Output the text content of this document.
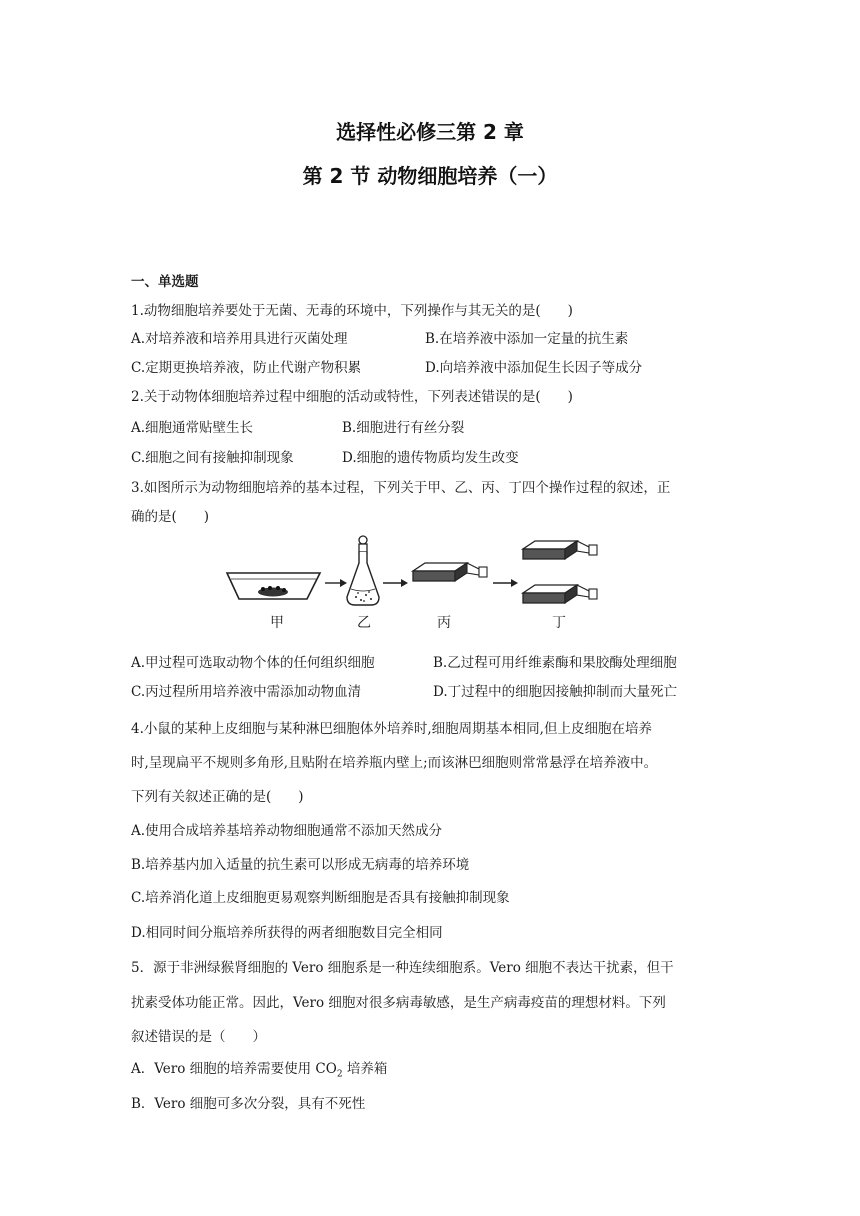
选择性必修三第 2 章
第 2 节 动物细胞培养（一）
一、单选题
1.动物细胞培养要处于无菌、无毒的环境中，下列操作与其无关的是(　　)
A.对培养液和培养用具进行灭菌处理	B.在培养液中添加一定量的抗生素
C.定期更换培养液，防止代谢产物积累	D.向培养液中添加促生长因子等成分
2.关于动物体细胞培养过程中细胞的活动或特性，下列表述错误的是(　　)
A.细胞通常贴壁生长	B.细胞进行有丝分裂
C.细胞之间有接触抑制现象	D.细胞的遗传物质均发生改变
3.如图所示为动物细胞培养的基本过程，下列关于甲、乙、丙、丁四个操作过程的叙述，正
确的是(　　)
甲	乙	丙	丁
A.甲过程可选取动物个体的任何组织细胞	B.乙过程可用纤维素酶和果胶酶处理细胞
C.丙过程所用培养液中需添加动物血清	D.丁过程中的细胞因接触抑制而大量死亡
4.小鼠的某种上皮细胞与某种淋巴细胞体外培养时,细胞周期基本相同,但上皮细胞在培养
时,呈现扁平不规则多角形,且贴附在培养瓶内壁上;而该淋巴细胞则常常悬浮在培养液中。
下列有关叙述正确的是(　　)
A.使用合成培养基培养动物细胞通常不添加天然成分
B.培养基内加入适量的抗生素可以形成无病毒的培养环境
C.培养消化道上皮细胞更易观察判断细胞是否具有接触抑制现象
D.相同时间分瓶培养所获得的两者细胞数目完全相同
5．源于非洲绿猴肾细胞的 Vero 细胞系是一种连续细胞系。Vero 细胞不表达干扰素，但干
扰素受体功能正常。因此，Vero 细胞对很多病毒敏感，是生产病毒疫苗的理想材料。下列
叙述错误的是（　　）
A．Vero 细胞的培养需要使用 $CO_2$ 培养箱
B．Vero 细胞可多次分裂，具有不死性
